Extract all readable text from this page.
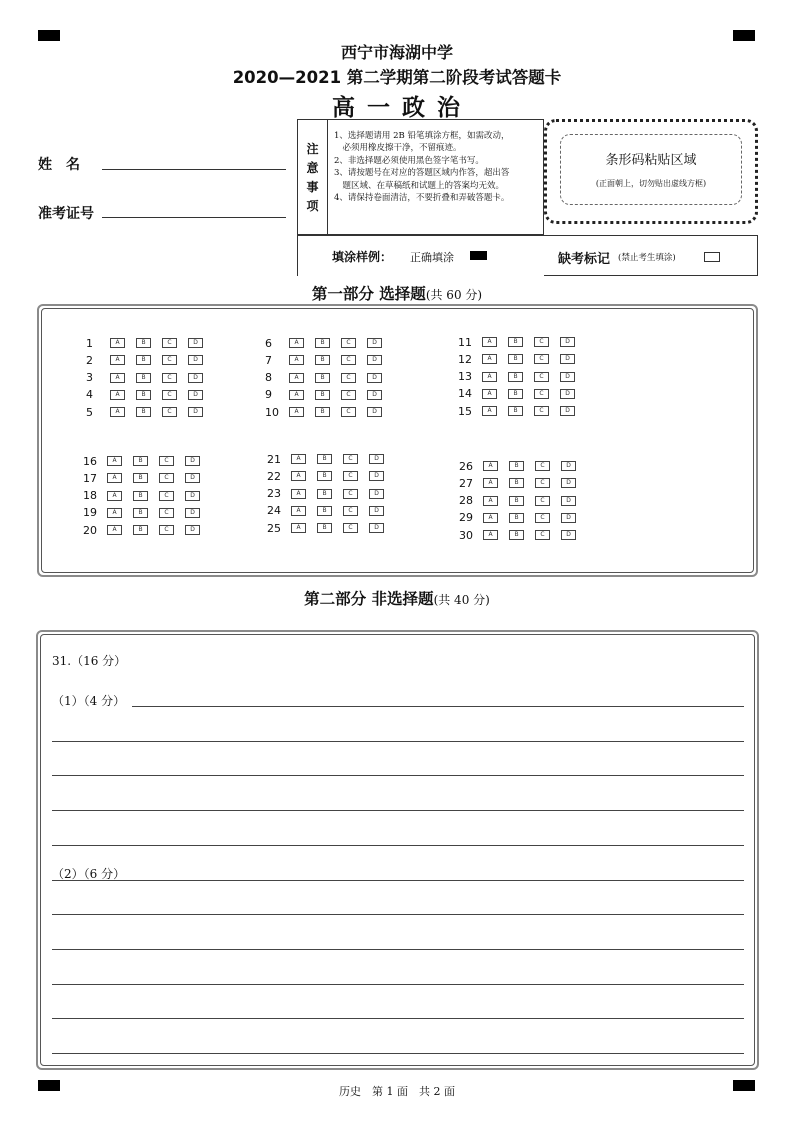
西宁市海湖中学
2020—2021 第二学期第二阶段考试答题卡
高 一 政 治
姓　名
准考证号
注意事项
1、选择题请用 2B 铅笔填涂方框，如需改动，
　必须用橡皮擦干净，不留痕迹。
2、非选择题必须使用黑色签字笔书写。
3、请按题号在对应的答题区域内作答，超出答
　题区域、在草稿纸和试题上的答案均无效。
4、请保持卷面清洁，不要折叠和弄破答题卡。
条形码粘贴区域
(正面朝上，切勿贴出虚线方框)
填涂样例： 正确填涂	缺考标记 (禁止考生填涂)
第一部分 选择题(共 60 分)
1	A	B	C	D
2	A	B	C	D
3	A	B	C	D
4	A	B	C	D
5	A	B	C	D
6	A	B	C	D
7	A	B	C	D
8	A	B	C	D
9	A	B	C	D
10	A	B	C	D
11	A	B	C	D
12	A	B	C	D
13	A	B	C	D
14	A	B	C	D
15	A	B	C	D
16	A	B	C	D
17	A	B	C	D
18	A	B	C	D
19	A	B	C	D
20	A	B	C	D
21	A	B	C	D
22	A	B	C	D
23	A	B	C	D
24	A	B	C	D
25	A	B	C	D
26	A	B	C	D
27	A	B	C	D
28	A	B	C	D
29	A	B	C	D
30	A	B	C	D
第二部分 非选择题(共 40 分)
31.（16 分）
（1）（4 分）
（2）（6 分）
历史　第 1 面　共 2 面
